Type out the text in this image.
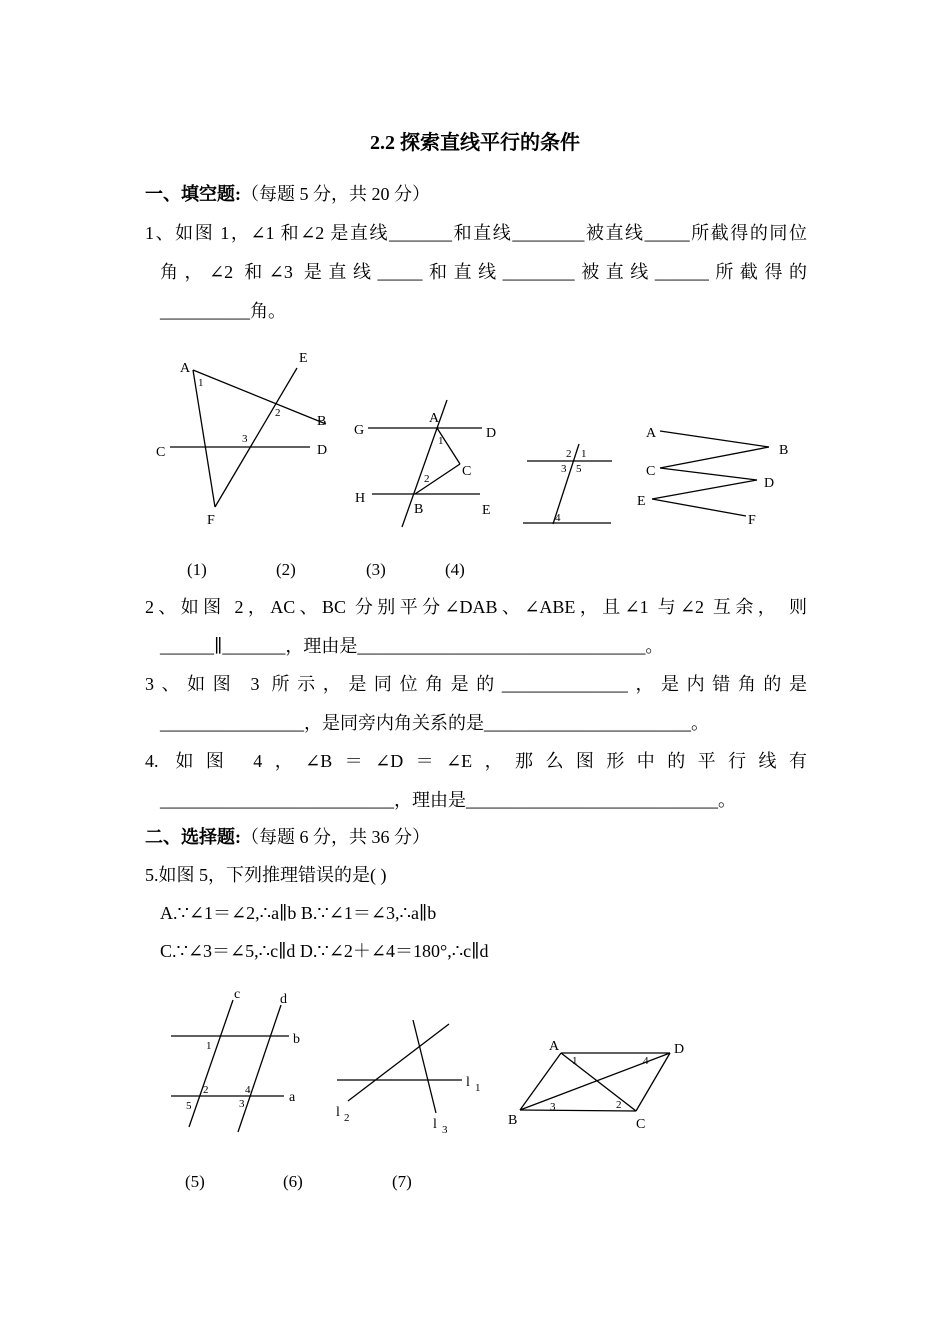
2.2 探索直线平行的条件
一、填空题:（每题 5 分，共 20 分）
1、如图 1，∠1 和∠2 是直线_______和直线________被直线_____所截得的同位
角，∠2 和∠3 是直线_____和直线________被直线______所截得的
__________角。
A
E
B
C	D
F
1
2
3
G
A
D
C
H
B	E
1
2
2 1
3 5
4
A
B
C
D
E
F
(1)	(2)	(3)	(4)
2、如图 2，AC、BC 分别平分∠DAB、∠ABE，且∠1 与∠2 互余， 则
______∥_______，理由是________________________________。
3、如图 3 所示，是同位角是的______________，是内错角的是
________________，是同旁内角关系的是_______________________。
4. 如图 4，∠B＝∠D＝∠E，那么图形中的平行线有
__________________________，理由是____________________________。
二、选择题:（每题 6 分，共 36 分）
5.如图 5，下列推理错误的是( )
A.∵∠1＝∠2,∴a∥b B.∵∠1＝∠3,∴a∥b
C.∵∠3＝∠5,∴c∥d D.∵∠2＋∠4＝180°,∴c∥d
c	d
b
a
1
2	4
5	3
l 1
l 2	l 3
A	D
B	C
1	4
3	2
(5)	(6)	(7)
